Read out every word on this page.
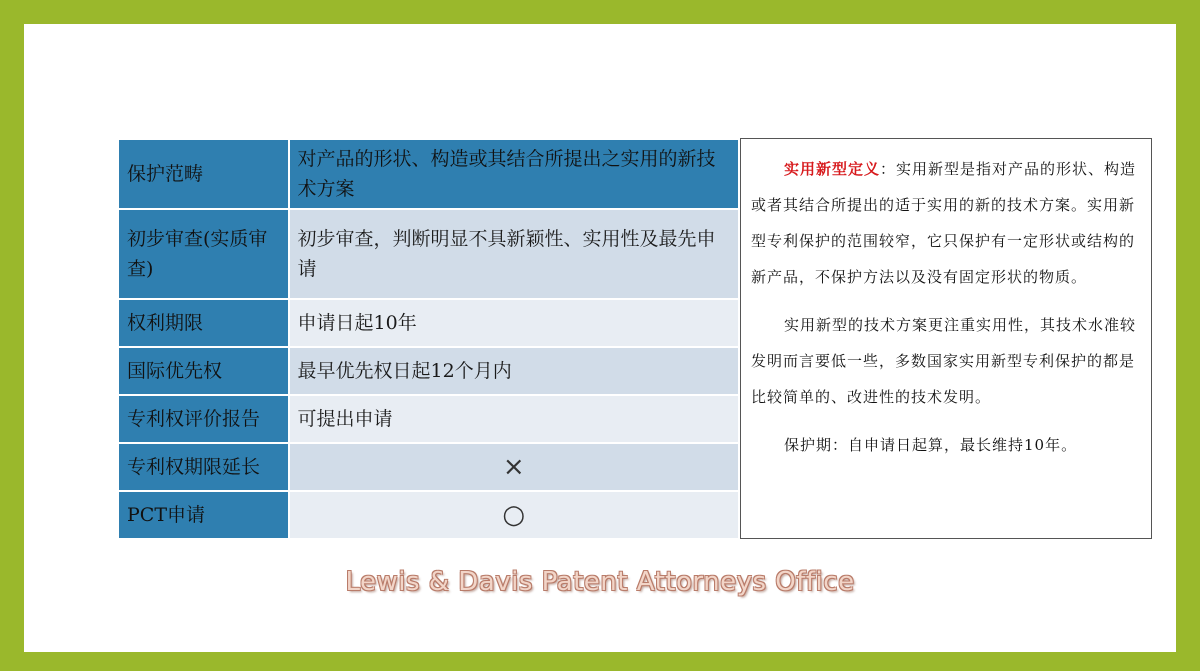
保护范畴	对产品的形状、构造或其结合所提出之实用的新技术方案
初步审查(实质审查)	初步审查，判断明显不具新颖性、实用性及最先申请
权利期限	申请日起10年
国际优先权	最早优先权日起12个月内
专利权评价报告	可提出申请
专利权期限延长	×
PCT申请	○

实用新型定义：实用新型是指对产品的形状、构造或者其结合所提出的适于实用的新的技术方案。实用新型专利保护的范围较窄，它只保护有一定形状或结构的新产品，不保护方法以及没有固定形状的物质。

实用新型的技术方案更注重实用性，其技术水准较发明而言要低一些，多数国家实用新型专利保护的都是比较简单的、改进性的技术发明。

保护期：自申请日起算，最长维持10年。

Lewis & Davis Patent Attorneys Office
